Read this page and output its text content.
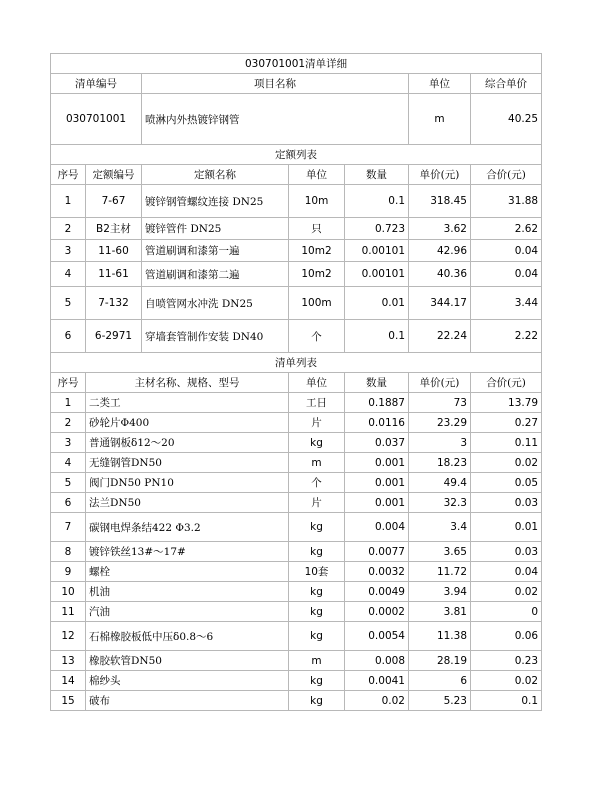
030701001清单详细						
清单编号		项目名称			单位	综合单价
030701001		喷淋内外热镀锌钢管			m	40.25
定额列表						
序号	定额编号	定额名称	单位	数量	单价(元)	合价(元)
1	7-67	镀锌钢管螺纹连接 DN25	10m	0.1	318.45	31.88
2	B2主材	镀锌管件 DN25	只	0.723	3.62	2.62
3	11-60	管道刷调和漆第一遍	10m2	0.00101	42.96	0.04
4	11-61	管道刷调和漆第二遍	10m2	0.00101	40.36	0.04
5	7-132	自喷管网水冲洗 DN25	100m	0.01	344.17	3.44
6	6-2971	穿墙套管制作安装 DN40	个	0.1	22.24	2.22
清单列表						
序号	主材名称、规格、型号		单位	数量	单价(元)	合价(元)
1	二类工		工日	0.1887	73	13.79
2	砂轮片Φ400		片	0.0116	23.29	0.27
3	普通钢板δ12～20		kg	0.037	3	0.11
4	无缝钢管DN50		m	0.001	18.23	0.02
5	阀门DN50 PN10		个	0.001	49.4	0.05
6	法兰DN50		片	0.001	32.3	0.03
7	碳钢电焊条结422 Φ3.2		kg	0.004	3.4	0.01
8	镀锌铁丝13#～17#		kg	0.0077	3.65	0.03
9	螺栓		10套	0.0032	11.72	0.04
10	机油		kg	0.0049	3.94	0.02
11	汽油		kg	0.0002	3.81	0
12	石棉橡胶板低中压δ0.8～6		kg	0.0054	11.38	0.06
13	橡胶软管DN50		m	0.008	28.19	0.23
14	棉纱头		kg	0.0041	6	0.02
15	破布		kg	0.02	5.23	0.1
